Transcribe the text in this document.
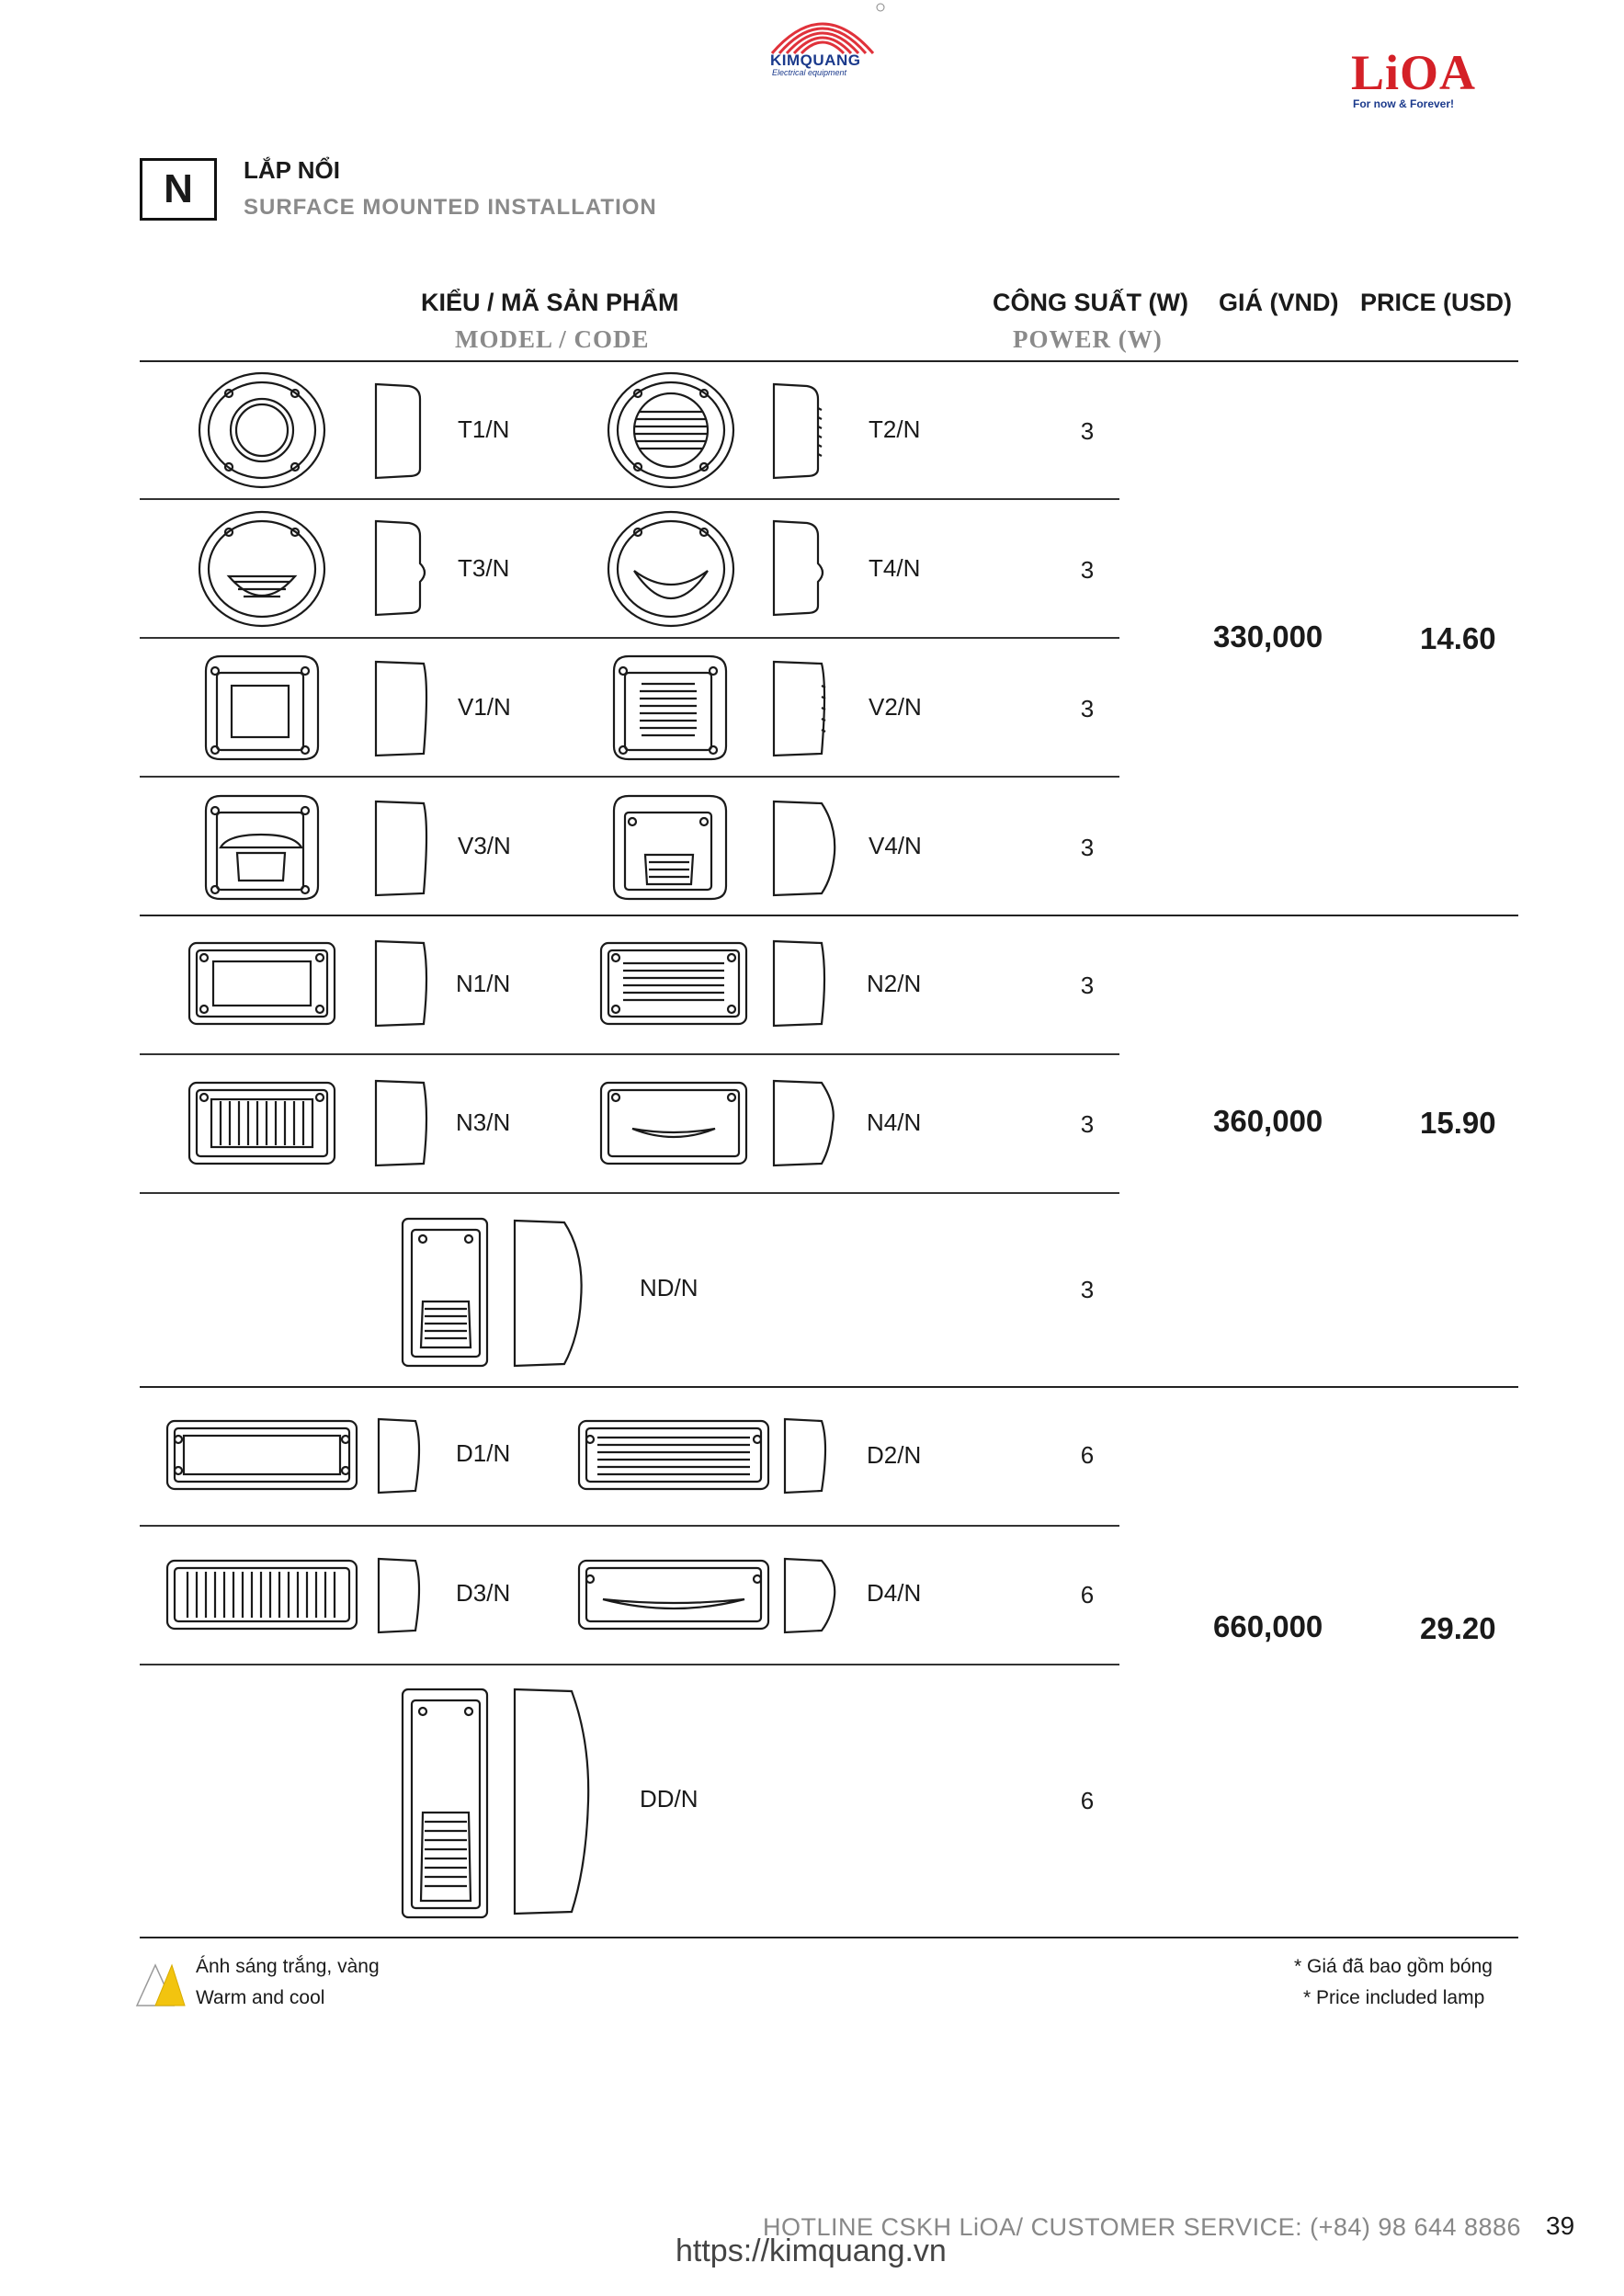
KIMQUANG
Electrical equipment	LiOA
For now & Forever!
N	LẮP NỔI
SURFACE MOUNTED INSTALLATION
KIỂU / MÃ SẢN PHẨM
MODEL / CODE
CÔNG SUẤT (W)
POWER (W)
GIÁ (VND) PRICE (USD)
T1/N	T2/N	3
T3/N	T4/N	3
V1/N	V2/N	3
V3/N	V4/N	3
330,000	14.60
N1/N	N2/N	3
N3/N	N4/N	3
ND/N	3
360,000	15.90
D1/N	D2/N	6
D3/N	D4/N	6
DD/N	6
660,000	29.20
Ánh sáng trắng, vàng
Warm and cool
* Giá đã bao gồm bóng
* Price included lamp
HOTLINE CSKH LiOA/ CUSTOMER SERVICE: (+84) 98 644 8886
https://kimquang.vn
39
